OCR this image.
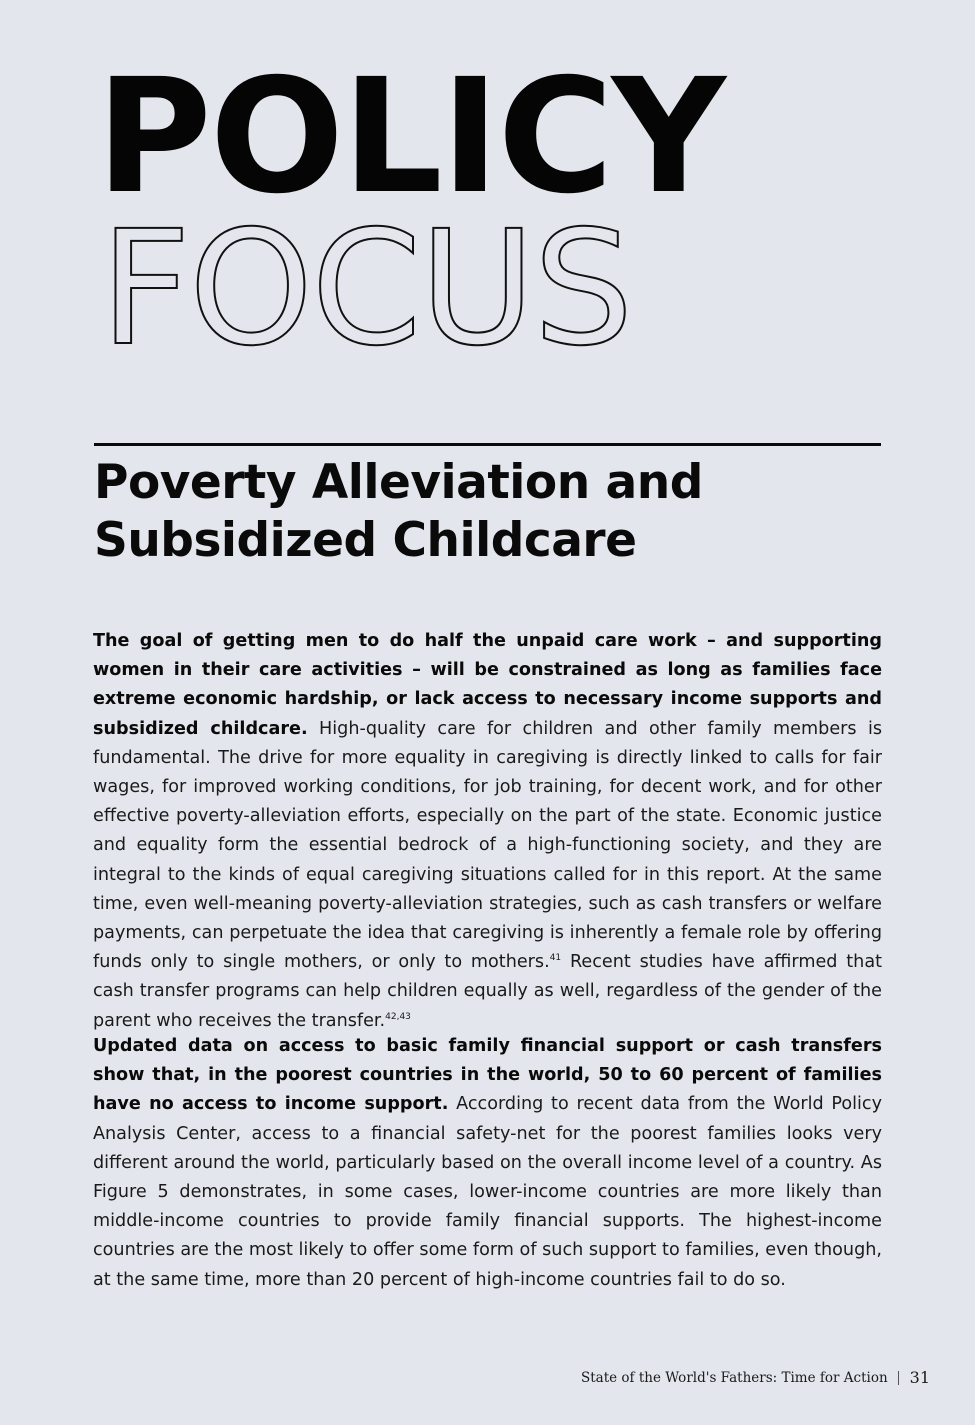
POLICY
FOCUS
Poverty Alleviation and
Subsidized Childcare

The goal of getting men to do half the unpaid care work – and supporting women in their care activities – will be constrained as long as families face extreme economic hardship, or lack access to necessary income supports and subsidized childcare. High-quality care for children and other family members is fundamental. The drive for more equality in caregiving is directly linked to calls for fair wages, for improved working conditions, for job training, for decent work, and for other effective poverty-alleviation efforts, especially on the part of the state. Economic justice and equality form the essential bedrock of a high-functioning society, and they are integral to the kinds of equal caregiving situations called for in this report. At the same time, even well-meaning poverty-alleviation strategies, such as cash transfers or welfare payments, can perpetuate the idea that caregiving is inherently a female role by offering funds only to single mothers, or only to mothers.$^{41}$ Recent studies have affirmed that cash transfer programs can help children equally as well, regardless of the gender of the parent who receives the transfer.$^{42,43}$

Updated data on access to basic family financial support or cash transfers show that, in the poorest countries in the world, 50 to 60 percent of families have no access to income support. According to recent data from the World Policy Analysis Center, access to a financial safety-net for the poorest families looks very different around the world, particularly based on the overall income level of a country. As Figure 5 demonstrates, in some cases, lower-income countries are more likely than middle-income countries to provide family financial supports. The highest-income countries are the most likely to offer some form of such support to families, even though, at the same time, more than 20 percent of high-income countries fail to do so.

State of the World's Fathers: Time for Action 31
